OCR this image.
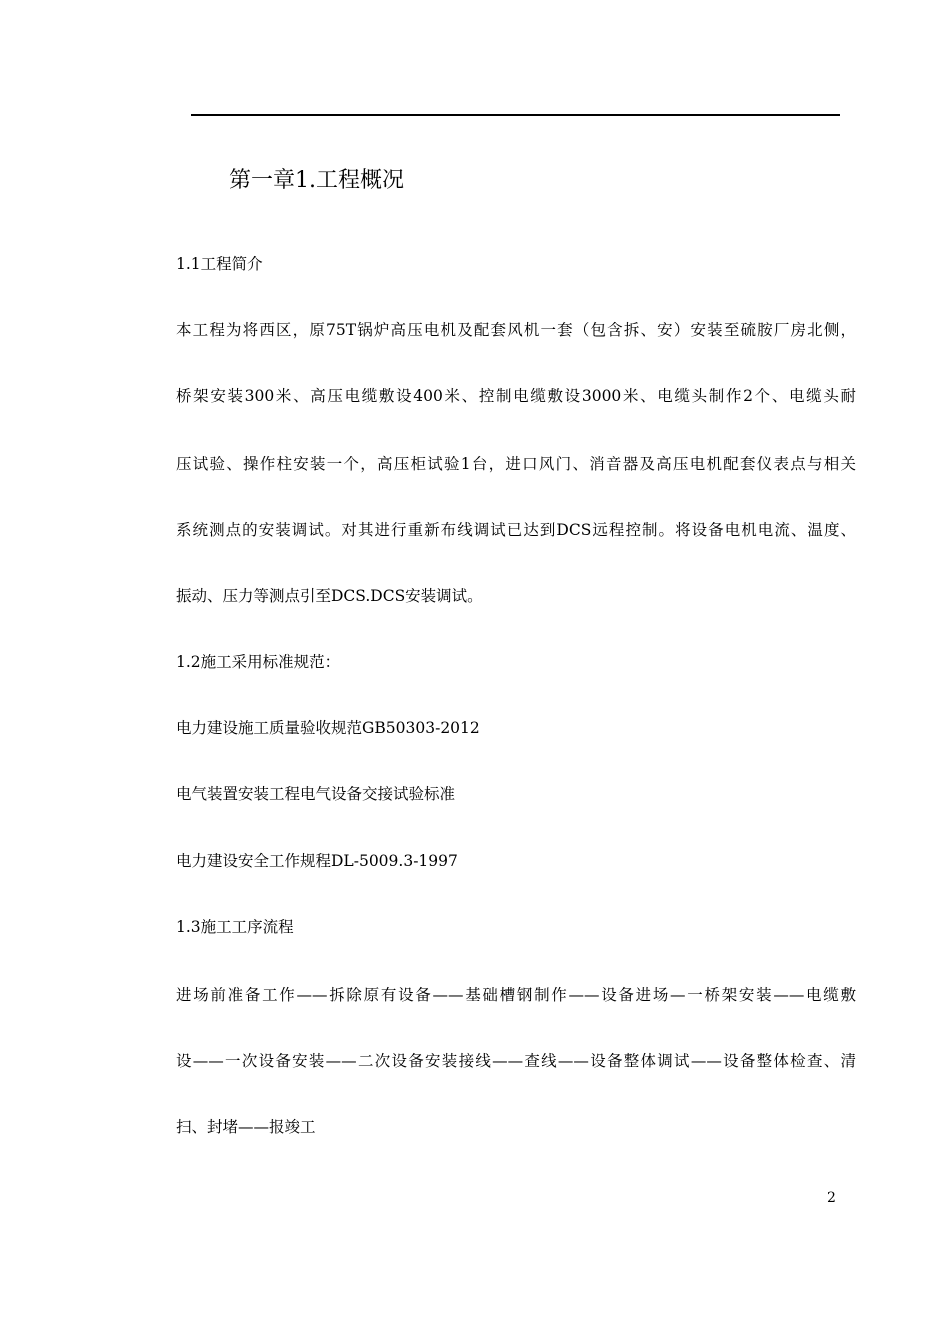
第一章1.工程概况
1.1工程简介
本工程为将西区，原75T锅炉高压电机及配套风机一套（包含拆、安）安装至硫胺厂房北侧，
桥架安装300米、高压电缆敷设400米、控制电缆敷设3000米、电缆头制作2个、电缆头耐
压试验、操作柱安装一个，高压柜试验1台，进口风门、消音器及高压电机配套仪表点与相关
系统测点的安装调试。对其进行重新布线调试已达到DCS远程控制。将设备电机电流、温度、
振动、压力等测点引至DCS.DCS安装调试。
1.2施工采用标准规范：
电力建设施工质量验收规范GB50303-2012
电气装置安装工程电气设备交接试验标准
电力建设安全工作规程DL-5009.3-1997
1.3施工工序流程
进场前准备工作——拆除原有设备——基础槽钢制作——设备进场—一桥架安装——电缆敷
设——一次设备安装——二次设备安装接线——查线——设备整体调试——设备整体检查、清
扫、封堵——报竣工
2
